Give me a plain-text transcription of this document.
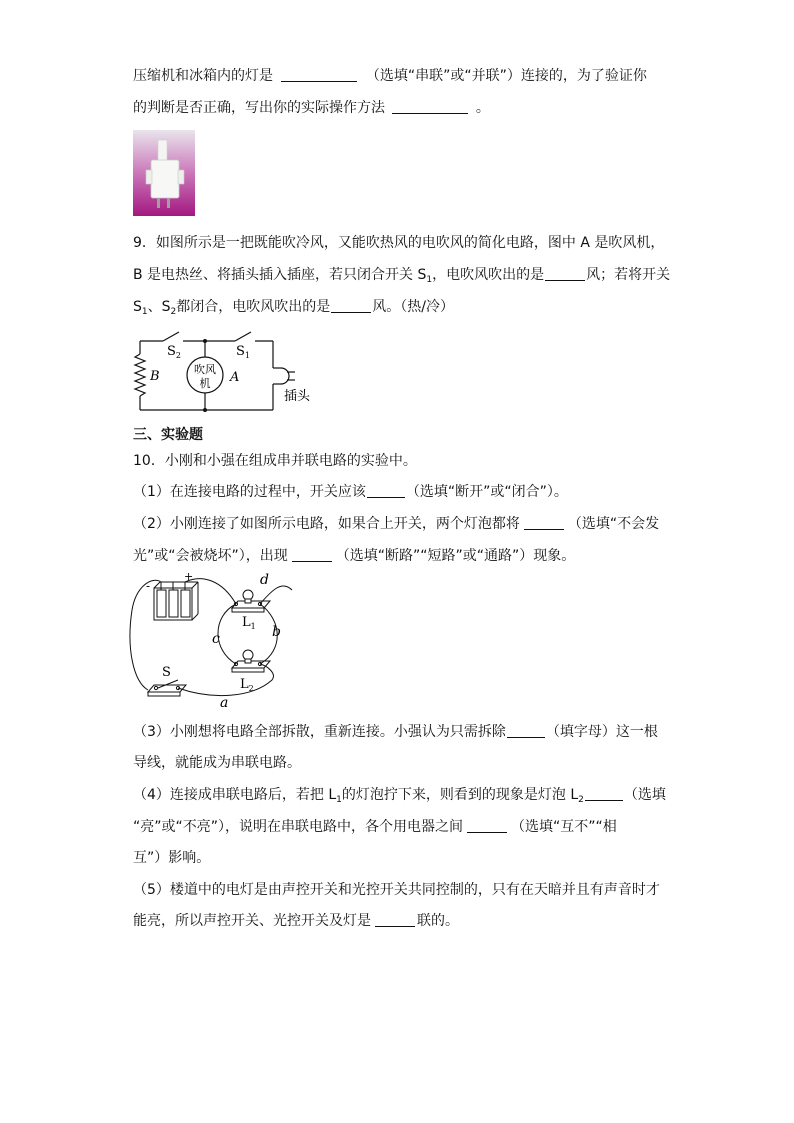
压缩机和冰箱内的灯是	（选填“串联”或“并联”）连接的，为了验证你
的判断是否正确，写出你的实际操作方法	。
9．如图所示是一把既能吹冷风，又能吹热风的电吹风的简化电路，图中 A 是吹风机，
B 是电热丝、将插头插入插座，若只闭合开关 $S_1$，电吹风吹出的是	风；若将开关
$S_1$、$S_2$都闭合，电吹风吹出的是	风。（热/冷）
$S_2$	$S_1$
B	A
吹风
机
插头
三、实验题
10．小刚和小强在组成串并联电路的实验中。
（1）在连接电路的过程中，开关应该	（选填“断开”或“闭合”）。
（2）小刚连接了如图所示电路，如果合上开关，两个灯泡都将	（选填“不会发
光”或“会被烧坏”），出现	（选填“断路”“短路”或“通路”）现象。
-
+	d
$L_1$ b
c
$L_2$
S
a
（3）小刚想将电路全部拆散，重新连接。小强认为只需拆除	（填字母）这一根
导线，就能成为串联电路。
（4）连接成串联电路后，若把 $L_1$的灯泡拧下来，则看到的现象是灯泡 $L_2$	（选填
“亮”或“不亮”），说明在串联电路中，各个用电器之间	（选填“互不”“相
互”）影响。
（5）楼道中的电灯是由声控开关和光控开关共同控制的，只有在天暗并且有声音时才
能亮，所以声控开关、光控开关及灯是	联的。
